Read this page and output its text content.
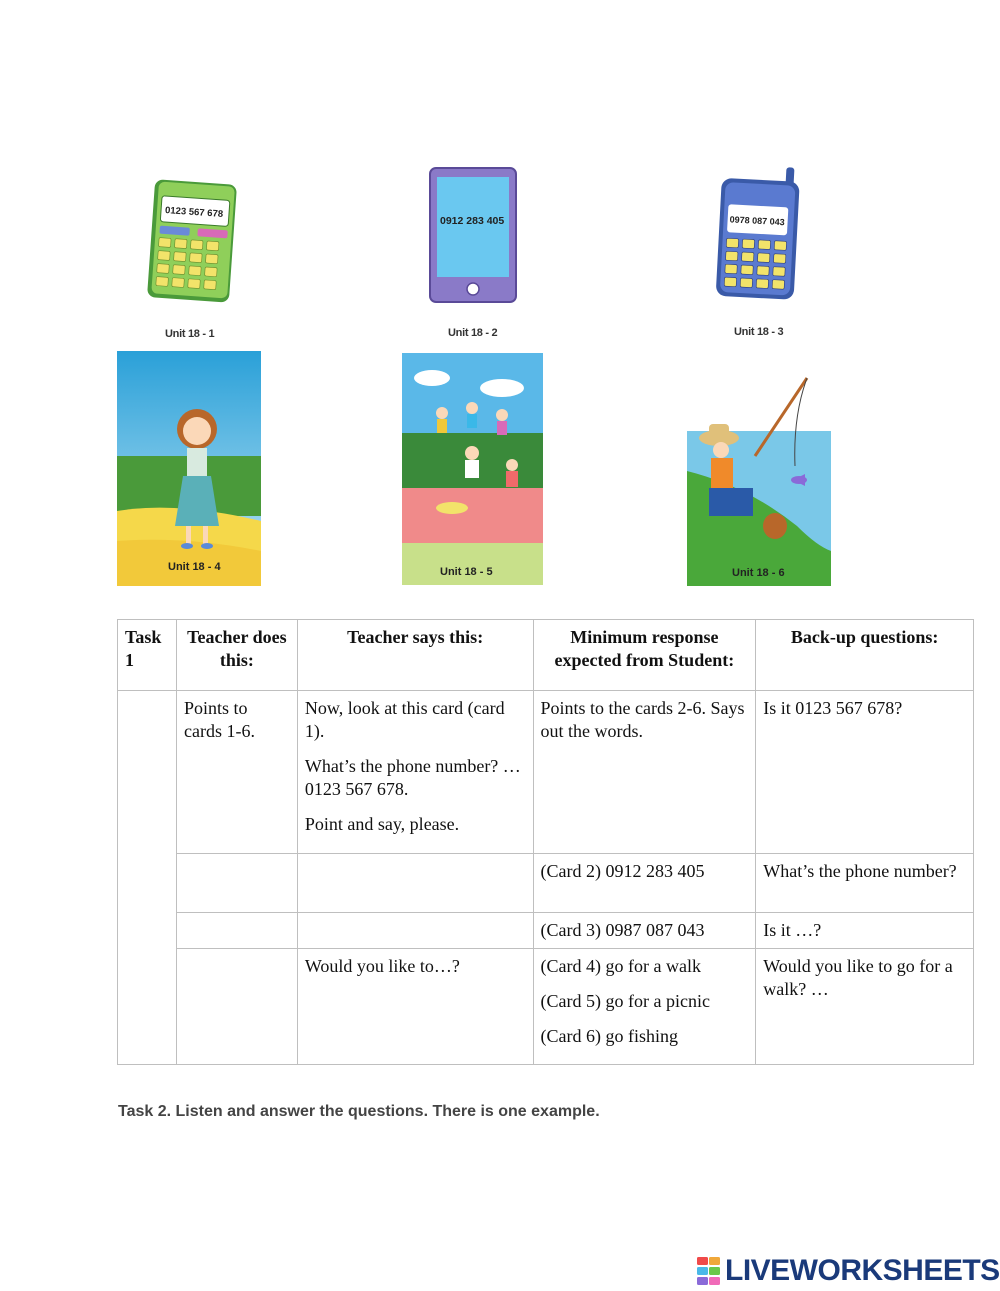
0123 567 678
Unit 18 - 1
0912 283 405
Unit 18 - 2
0978 087 043
Unit 18 - 3
Unit 18 - 4	Unit 18 - 5	Unit 18 - 6
Task 1	Teacher does this:	Teacher says this:	Minimum response expected from Student:	Back-up questions:
	Points to cards 1-6.	Now, look at this card (card 1).

What’s the phone number? … 0123 567 678.

Point and say, please.	Points to the cards 2-6. Says out the words.	Is it 0123 567 678?

			(Card 2) 0912 283 405	What’s the phone number?

			(Card 3) 0987 087 043	Is it …?

		Would you like to…?	(Card 4) go for a walk

(Card 5) go for a picnic

(Card 6) go fishing	Would you like to go for a walk? …
Task 2. Listen and answer the questions. There is one example.
LIVEWORKSHEETS
